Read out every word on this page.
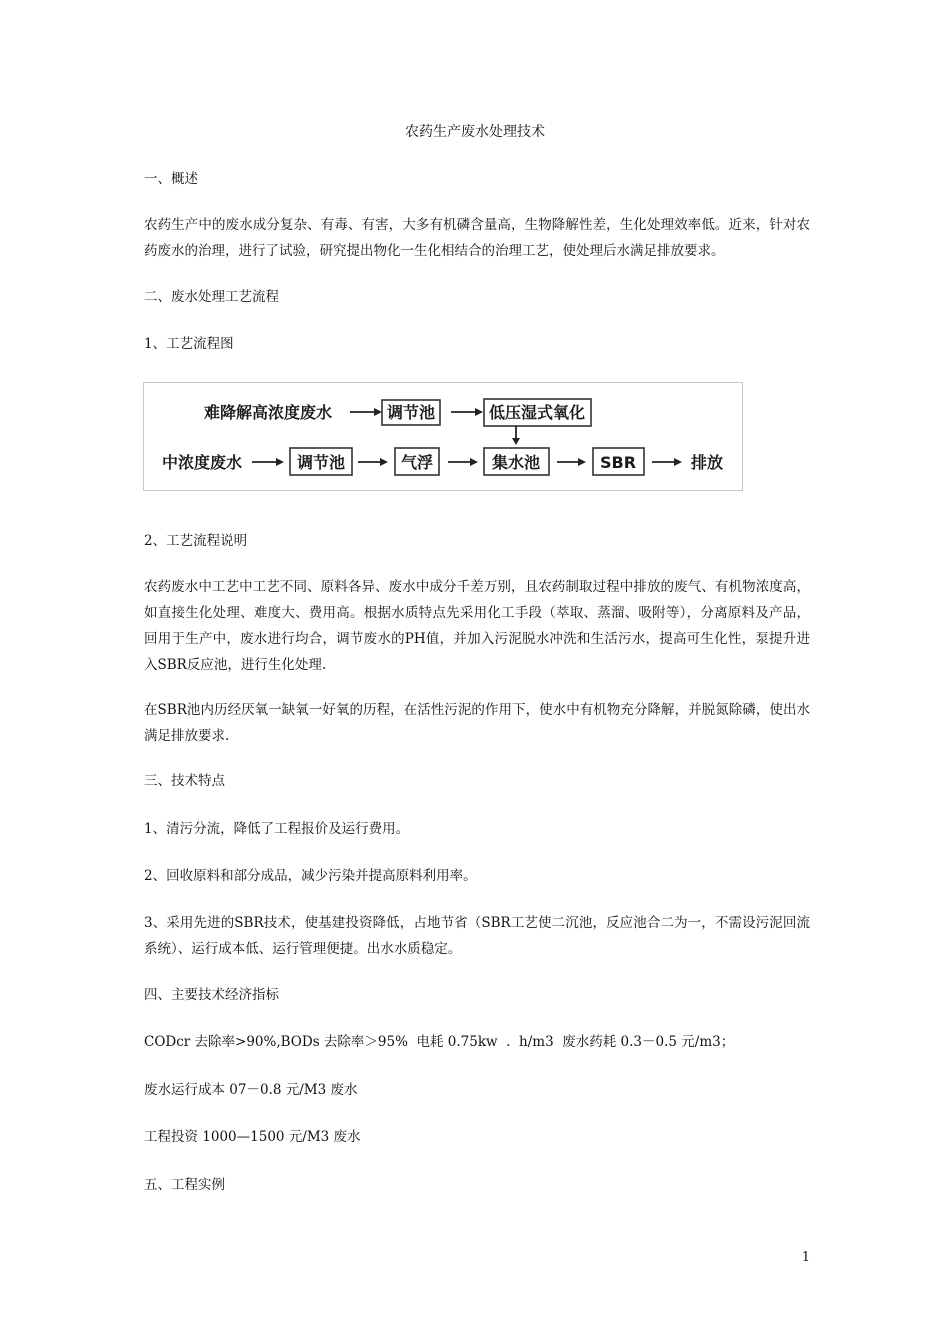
农药生产废水处理技术
一、概述
农药生产中的废水成分复杂、有毒、有害，大多有机磷含量高，生物降解性差，生化处理效率低。近来，针对农药废水的治理，进行了试验，研究提出物化一生化相结合的治理工艺，使处理后水满足排放要求。
二、废水处理工艺流程
1、工艺流程图
难降解高浓度废水	调节池	低压湿式氧化
中浓度废水	调节池	气浮	集水池	SBR	排放
2、工艺流程说明
农药废水中工艺中工艺不同、原料各异、废水中成分千差万别，且农药制取过程中排放的废气、有机物浓度高，如直接生化处理、难度大、费用高。根据水质特点先采用化工手段（萃取、蒸溜、吸附等），分离原料及产品，回用于生产中，废水进行均合，调节废水的PH值，并加入污泥脱水冲洗和生活污水，提高可生化性，泵提升进入SBR反应池，进行生化处理.
在SBR池内历经厌氧一缺氧一好氧的历程，在活性污泥的作用下，使水中有机物充分降解，并脱氮除磷，使出水满足排放要求.
三、技术特点
1、清污分流，降低了工程报价及运行费用。
2、回收原料和部分成品，减少污染并提高原料利用率。
3、采用先进的SBR技术，使基建投资降低，占地节省（SBR工艺使二沉池，反应池合二为一，不需设污泥回流系统）、运行成本低、运行管理便捷。出水水质稳定。
四、主要技术经济指标
CODcr 去除率>90%,BODs 去除率＞95%  电耗 0.75kw  .  h/m3  废水药耗 0.3－0.5 元/m3；
废水运行成本 07－0.8 元/M3 废水
工程投资 1000—1500 元/M3 废水
五、工程实例
1
